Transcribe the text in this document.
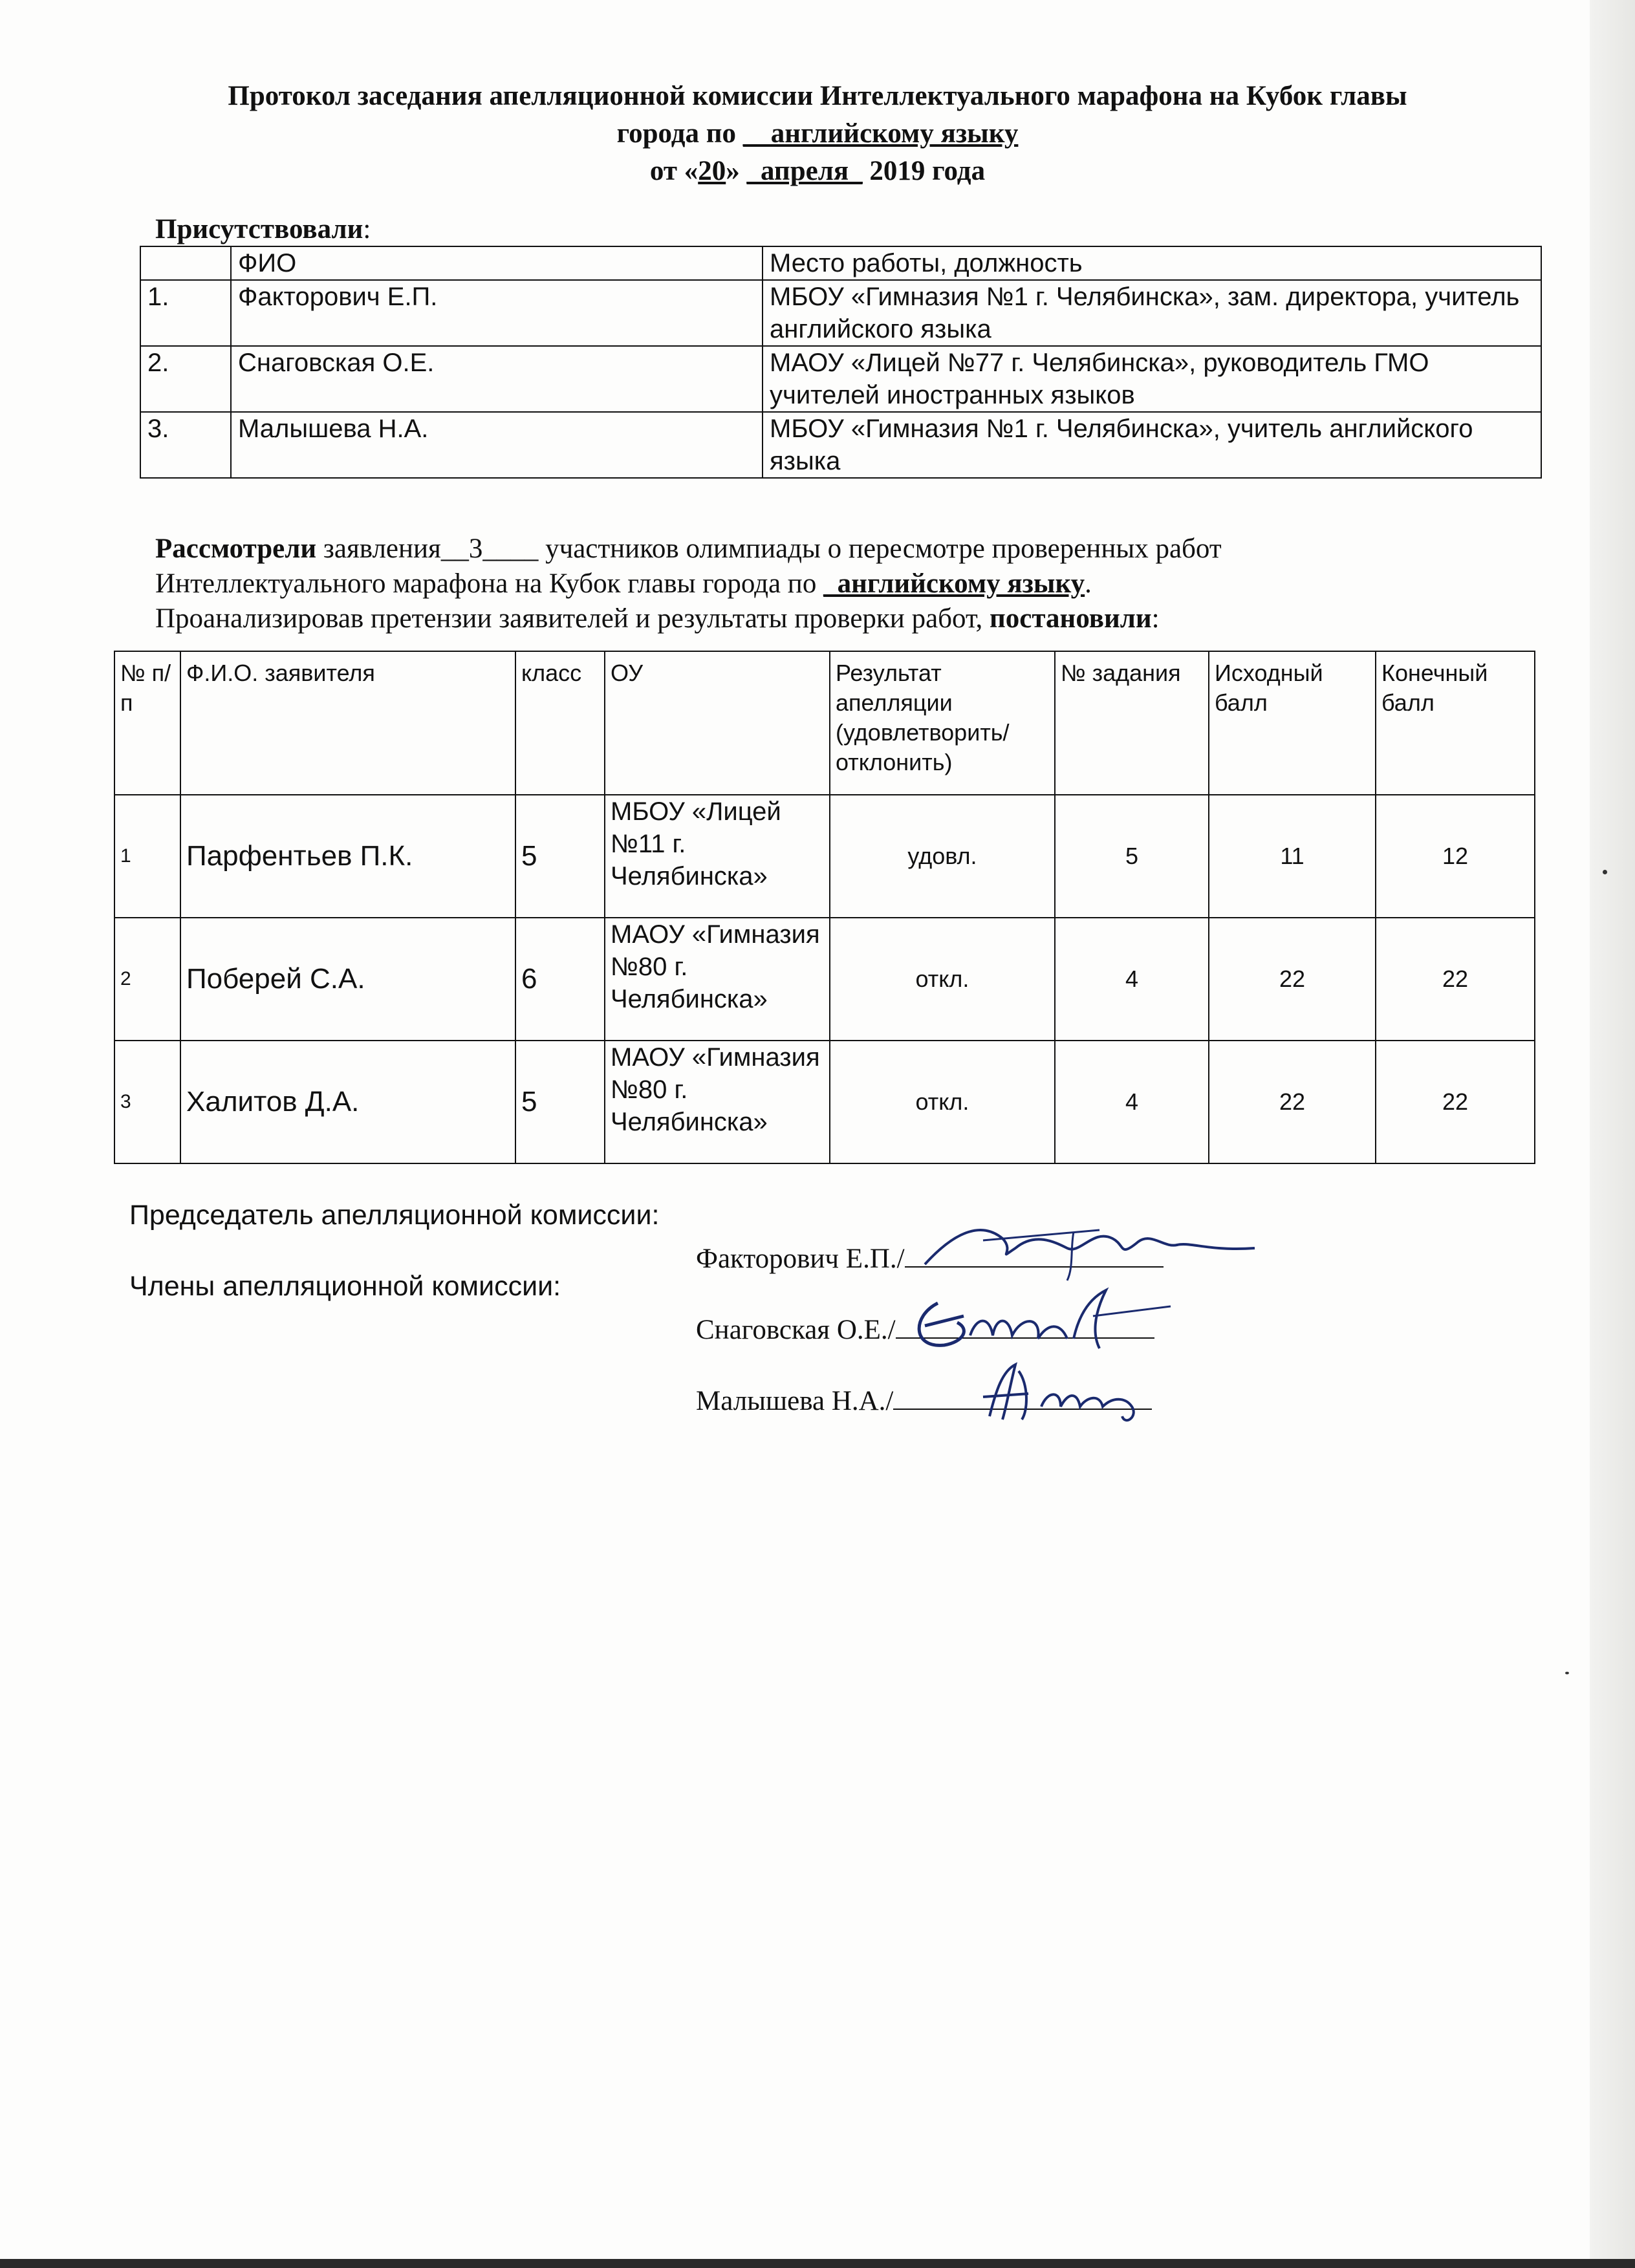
Протокол заседания апелляционной комиссии Интеллектуального марафона на Кубок главы
города по __английскому языку
от «20» _апреля_ 2019 года
Присутствовали:
	ФИО	Место работы, должность
1.	Факторович Е.П.	МБОУ «Гимназия №1 г. Челябинска», зам. директора, учитель английского языка
2.	Снаговская О.Е.	МАОУ «Лицей №77 г. Челябинска», руководитель ГМО учителей иностранных языков
3.	Малышева Н.А.	МБОУ «Гимназия №1 г. Челябинска», учитель английского языка
Рассмотрели заявления__3____ участников олимпиады о пересмотре проверенных работ
Интеллектуального марафона на Кубок главы города по _английскому языку.
Проанализировав претензии заявителей и результаты проверки работ, постановили:
№ п/п	Ф.И.О. заявителя	класс	ОУ	Результат апелляции (удовлетворить/ отклонить)	№ задания	Исходный балл	Конечный балл
1	Парфентьев П.К.	5	МБОУ «Лицей №11 г. Челябинска»	удовл.	5	11	12
2	Поберей С.А.	6	МАОУ «Гимназия №80 г. Челябинска»	откл.	4	22	22
3	Халитов Д.А.	5	МАОУ «Гимназия №80 г. Челябинска»	откл.	4	22	22
Председатель апелляционной комиссии:
Члены апелляционной комиссии:
Факторович Е.П./
Снаговская О.Е./
Малышева Н.А./
